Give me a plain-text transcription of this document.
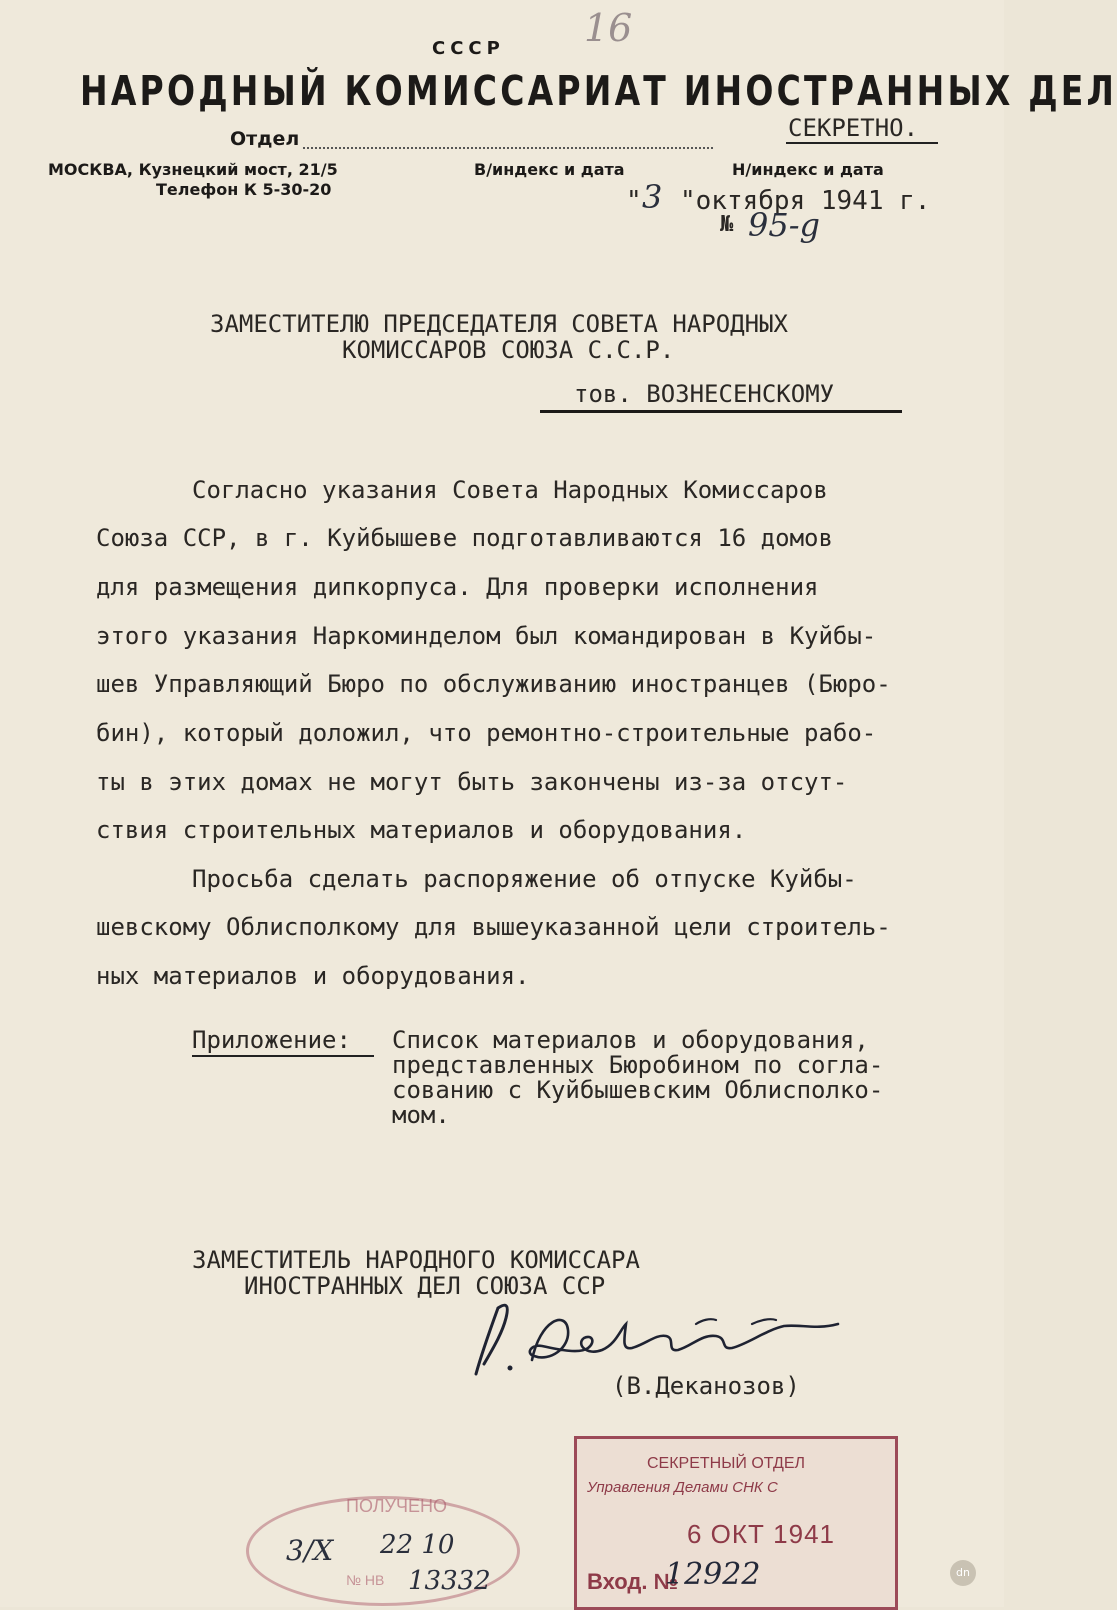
16
СССР
НАРОДНЫЙ КОМИССАРИАТ ИНОСТРАННЫХ ДЕЛ
Отдел	СЕКРЕТНО.
МОСКВА, Кузнецкий мост, 21/5
Телефон К 5-30-20
В/индекс и дата	Н/индекс и дата
" 3 "октября 1941 г.
№ 95-g
ЗАМЕСТИТЕЛЮ ПРЕДСЕДАТЕЛЯ СОВЕТА НАРОДНЫХ
КОМИССАРОВ СОЮЗА С.С.Р.
тов. ВОЗНЕСЕНСКОМУ
Согласно указания Совета Народных Комиссаров
Союза ССР, в г. Куйбышеве подготавливаются 16 домов
для размещения дипкорпуса. Для проверки исполнения
этого указания Наркоминделом был командирован в Куйбы-
шев Управляющий Бюро по обслуживанию иностранцев (Бюро-
бин), который доложил, что ремонтно-строительные рабо-
ты в этих домах не могут быть закончены из-за отсут-
ствия строительных материалов и оборудования.
Просьба сделать распоряжение об отпуске Куйбы-
шевскому Облисполкому для вышеуказанной цели строитель-
ных материалов и оборудования.
Приложение: Список материалов и оборудования,
представленных Бюробином по согла-
сованию с Куйбышевским Облисполко-
мом.
ЗАМЕСТИТЕЛЬ НАРОДНОГО КОМИССАРА
ИНОСТРАННЫХ ДЕЛ СОЮЗА ССР
(В.Деканозов)
ПОЛУЧЕНО
№ НВ
3/X 22 10
13332
СЕКРЕТНЫЙ ОТДЕЛ
Управления Делами СНК С
6 ОКТ 1941
Вход. №
12922	dn
